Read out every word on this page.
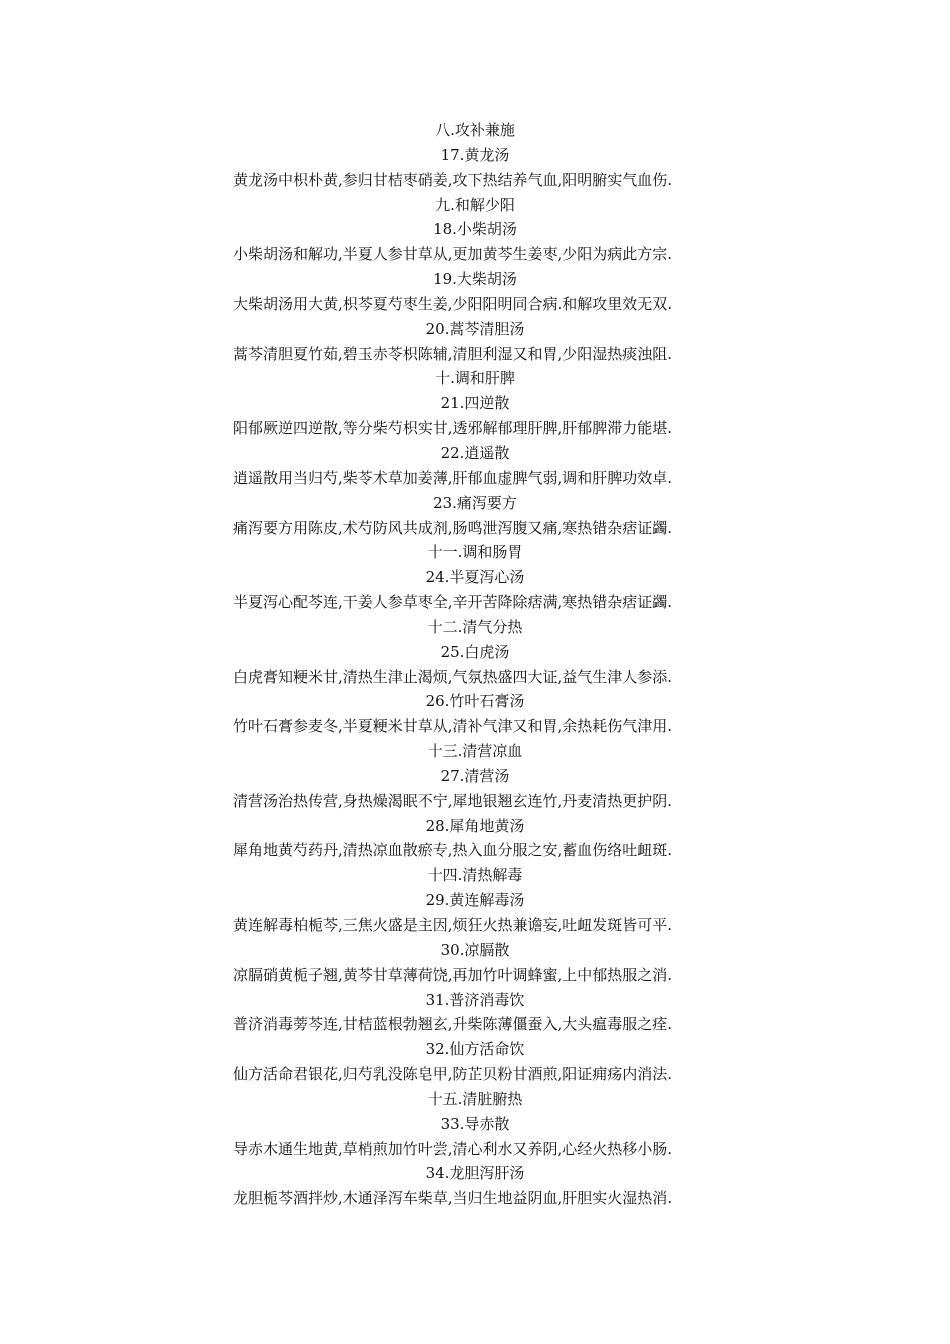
八.攻补兼施
17.黄龙汤
黄龙汤中枳朴黄,参归甘桔枣硝姜,攻下热结养气血,阳明腑实气血伤.
九.和解少阳
18.小柴胡汤
小柴胡汤和解功,半夏人参甘草从,更加黄芩生姜枣,少阳为病此方宗.
19.大柴胡汤
大柴胡汤用大黄,枳芩夏芍枣生姜,少阳阳明同合病.和解攻里效无双.
20.蒿芩清胆汤
蒿芩清胆夏竹茹,碧玉赤苓枳陈辅,清胆利湿又和胃,少阳湿热痰浊阻.
十.调和肝脾
21.四逆散
阳郁厥逆四逆散,等分柴芍枳实甘,透邪解郁理肝脾,肝郁脾滞力能堪.
22.逍遥散
逍遥散用当归芍,柴苓术草加姜薄,肝郁血虚脾气弱,调和肝脾功效卓.
23.痛泻要方
痛泻要方用陈皮,术芍防风共成剂,肠鸣泄泻腹又痛,寒热错杂痞证蠲.
十一.调和肠胃
24.半夏泻心汤
半夏泻心配芩连,干姜人参草枣全,辛开苦降除痞满,寒热错杂痞证蠲.
十二.清气分热
25.白虎汤
白虎膏知粳米甘,清热生津止渴烦,气氛热盛四大证,益气生津人参添.
26.竹叶石膏汤
竹叶石膏参麦冬,半夏粳米甘草从,清补气津又和胃,余热耗伤气津用.
十三.清营凉血
27.清营汤
清营汤治热传营,身热燥渴眠不宁,犀地银翘玄连竹,丹麦清热更护阴.
28.犀角地黄汤
犀角地黄芍药丹,清热凉血散瘀专,热入血分服之安,蓄血伤络吐衄斑.
十四.清热解毒
29.黄连解毒汤
黄连解毒柏栀芩,三焦火盛是主因,烦狂火热兼谵妄,吐衄发斑皆可平.
30.凉膈散
凉膈硝黄栀子翘,黄芩甘草薄荷饶,再加竹叶调蜂蜜,上中郁热服之消.
31.普济消毒饮
普济消毒蒡芩连,甘桔蓝根勃翘玄,升柴陈薄僵蚕入,大头瘟毒服之痊.
32.仙方活命饮
仙方活命君银花,归芍乳没陈皂甲,防芷贝粉甘酒煎,阳证痈疡内消法.
十五.清脏腑热
33.导赤散
导赤木通生地黄,草梢煎加竹叶尝,清心利水又养阴,心经火热移小肠.
34.龙胆泻肝汤
龙胆栀芩酒拌炒,木通泽泻车柴草,当归生地益阴血,肝胆实火湿热消.
